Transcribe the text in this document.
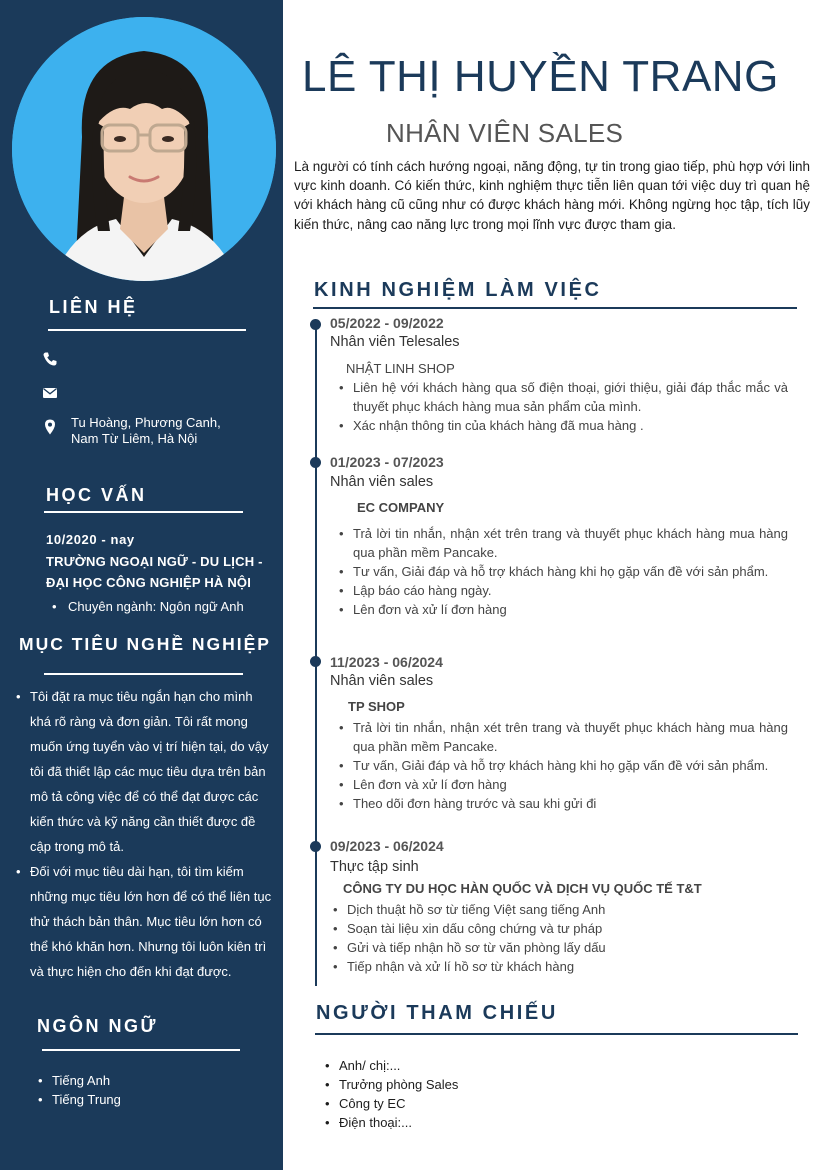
LIÊN HỆ
Tu Hoàng, Phương Canh,
Nam Từ Liêm, Hà Nội
HỌC VẤN
10/2020 - nay
TRƯỜNG NGOẠI NGỮ - DU LỊCH -
ĐẠI HỌC CÔNG NGHIỆP HÀ NỘI
• Chuyên ngành: Ngôn ngữ Anh
MỤC TIÊU NGHỀ NGHIỆP
• Tôi đặt ra mục tiêu ngắn hạn cho mình khá rõ ràng và đơn giản. Tôi rất mong muốn ứng tuyển vào vị trí hiện tại, do vậy tôi đã thiết lập các mục tiêu dựa trên bản mô tả công việc để có thể đạt được các kiến thức và kỹ năng cần thiết được đề cập trong mô tả.
• Đối với mục tiêu dài hạn, tôi tìm kiếm những mục tiêu lớn hơn để có thể liên tục thử thách bản thân. Mục tiêu lớn hơn có thể khó khăn hơn. Nhưng tôi luôn kiên trì và thực hiện cho đến khi đạt được.
NGÔN NGỮ
• Tiếng Anh
• Tiếng Trung
LÊ THỊ HUYỀN TRANG
NHÂN VIÊN SALES
Là người có tính cách hướng ngoại, năng động, tự tin trong giao tiếp, phù hợp với linh vực kinh doanh. Có kiến thức, kinh nghiệm thực tiễn liên quan tới việc duy trì quan hệ với khách hàng cũ cũng như có được khách hàng mới. Không ngừng học tập, tích lũy kiến thức, nâng cao năng lực trong mọi lĩnh vực được tham gia.
KINH NGHIỆM LÀM VIỆC
05/2022 - 09/2022
Nhân viên Telesales
NHẬT LINH SHOP
• Liên hệ với khách hàng qua số điện thoại, giới thiệu, giải đáp thắc mắc và thuyết phục khách hàng mua sản phẩm của mình.
• Xác nhận thông tin của khách hàng đã mua hàng .
01/2023 - 07/2023
Nhân viên sales
EC COMPANY
• Trả lời tin nhắn, nhận xét trên trang và thuyết phục khách hàng mua hàng qua phần mềm Pancake.
• Tư vấn, Giải đáp và hỗ trợ khách hàng khi họ gặp vấn đề với sản phẩm.
• Lập báo cáo hàng ngày.
• Lên đơn và xử lí đơn hàng
11/2023 - 06/2024
Nhân viên sales
TP SHOP
• Trả lời tin nhắn, nhận xét trên trang và thuyết phục khách hàng mua hàng qua phần mềm Pancake.
• Tư vấn, Giải đáp và hỗ trợ khách hàng khi họ gặp vấn đề với sản phẩm.
• Lên đơn và xử lí đơn hàng
• Theo dõi đơn hàng trước và sau khi gửi đi
09/2023 - 06/2024
Thực tập sinh
CÔNG TY DU HỌC HÀN QUỐC VÀ DỊCH VỤ QUỐC TẾ T&T
• Dịch thuật hồ sơ từ tiếng Việt sang tiếng Anh
• Soạn tài liệu xin dấu công chứng và tư pháp
• Gửi và tiếp nhận hồ sơ từ văn phòng lấy dấu
• Tiếp nhận và xử lí hồ sơ từ khách hàng
NGƯỜI THAM CHIẾU
• Anh/ chị:...
• Trưởng phòng Sales
• Công ty EC
• Điện thoại:...
